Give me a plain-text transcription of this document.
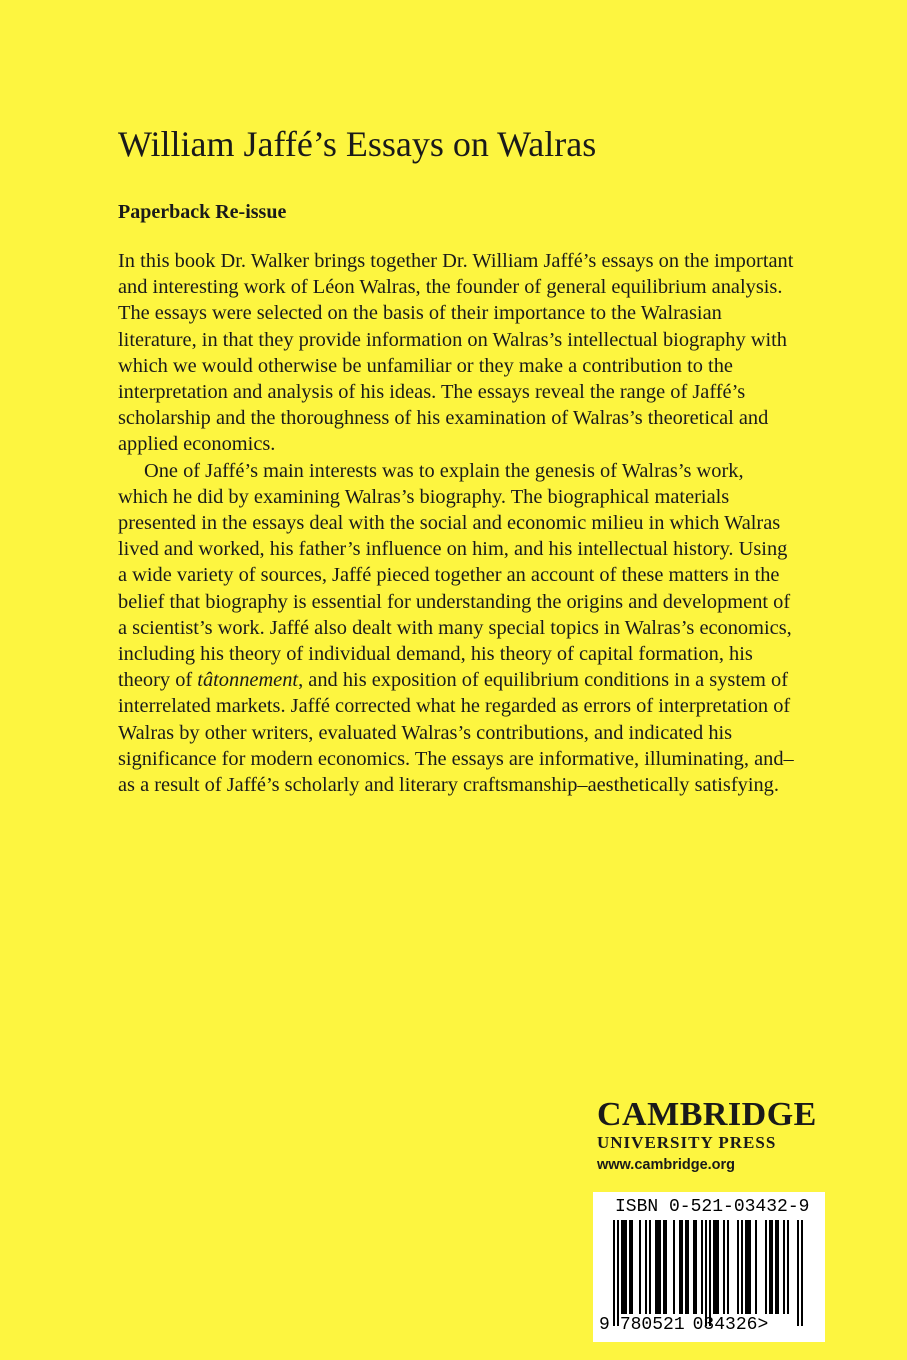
William Jaffé’s Essays on Walras
Paperback Re-issue

In this book Dr. Walker brings together Dr. William Jaffé’s essays on the important and interesting work of Léon Walras, the founder of general equilibrium analysis. The essays were selected on the basis of their importance to the Walrasian literature, in that they provide information on Walras’s intellectual biography with which we would otherwise be unfamiliar or they make a contribution to the interpretation and analysis of his ideas. The essays reveal the range of Jaffé’s scholarship and the thoroughness of his examination of Walras’s theoretical and applied economics.

One of Jaffé’s main interests was to explain the genesis of Walras’s work, which he did by examining Walras’s biography. The biographical materials presented in the essays deal with the social and economic milieu in which Walras lived and worked, his father’s influence on him, and his intellectual history. Using a wide variety of sources, Jaffé pieced together an account of these matters in the belief that biography is essential for understanding the origins and development of a scientist’s work. Jaffé also dealt with many special topics in Walras’s economics, including his theory of individual demand, his theory of capital formation, his theory of tâtonnement, and his exposition of equilibrium conditions in a system of interrelated markets. Jaffé corrected what he regarded as errors of interpretation of Walras by other writers, evaluated Walras’s contributions, and indicated his significance for modern economics. The essays are informative, illuminating, and–as a result of Jaffé’s scholarly and literary craftsmanship–aesthetically satisfying.

CAMBRIDGE
UNIVERSITY PRESS
www.cambridge.org
ISBN 0-521-03432-9
9 780521 034326>
